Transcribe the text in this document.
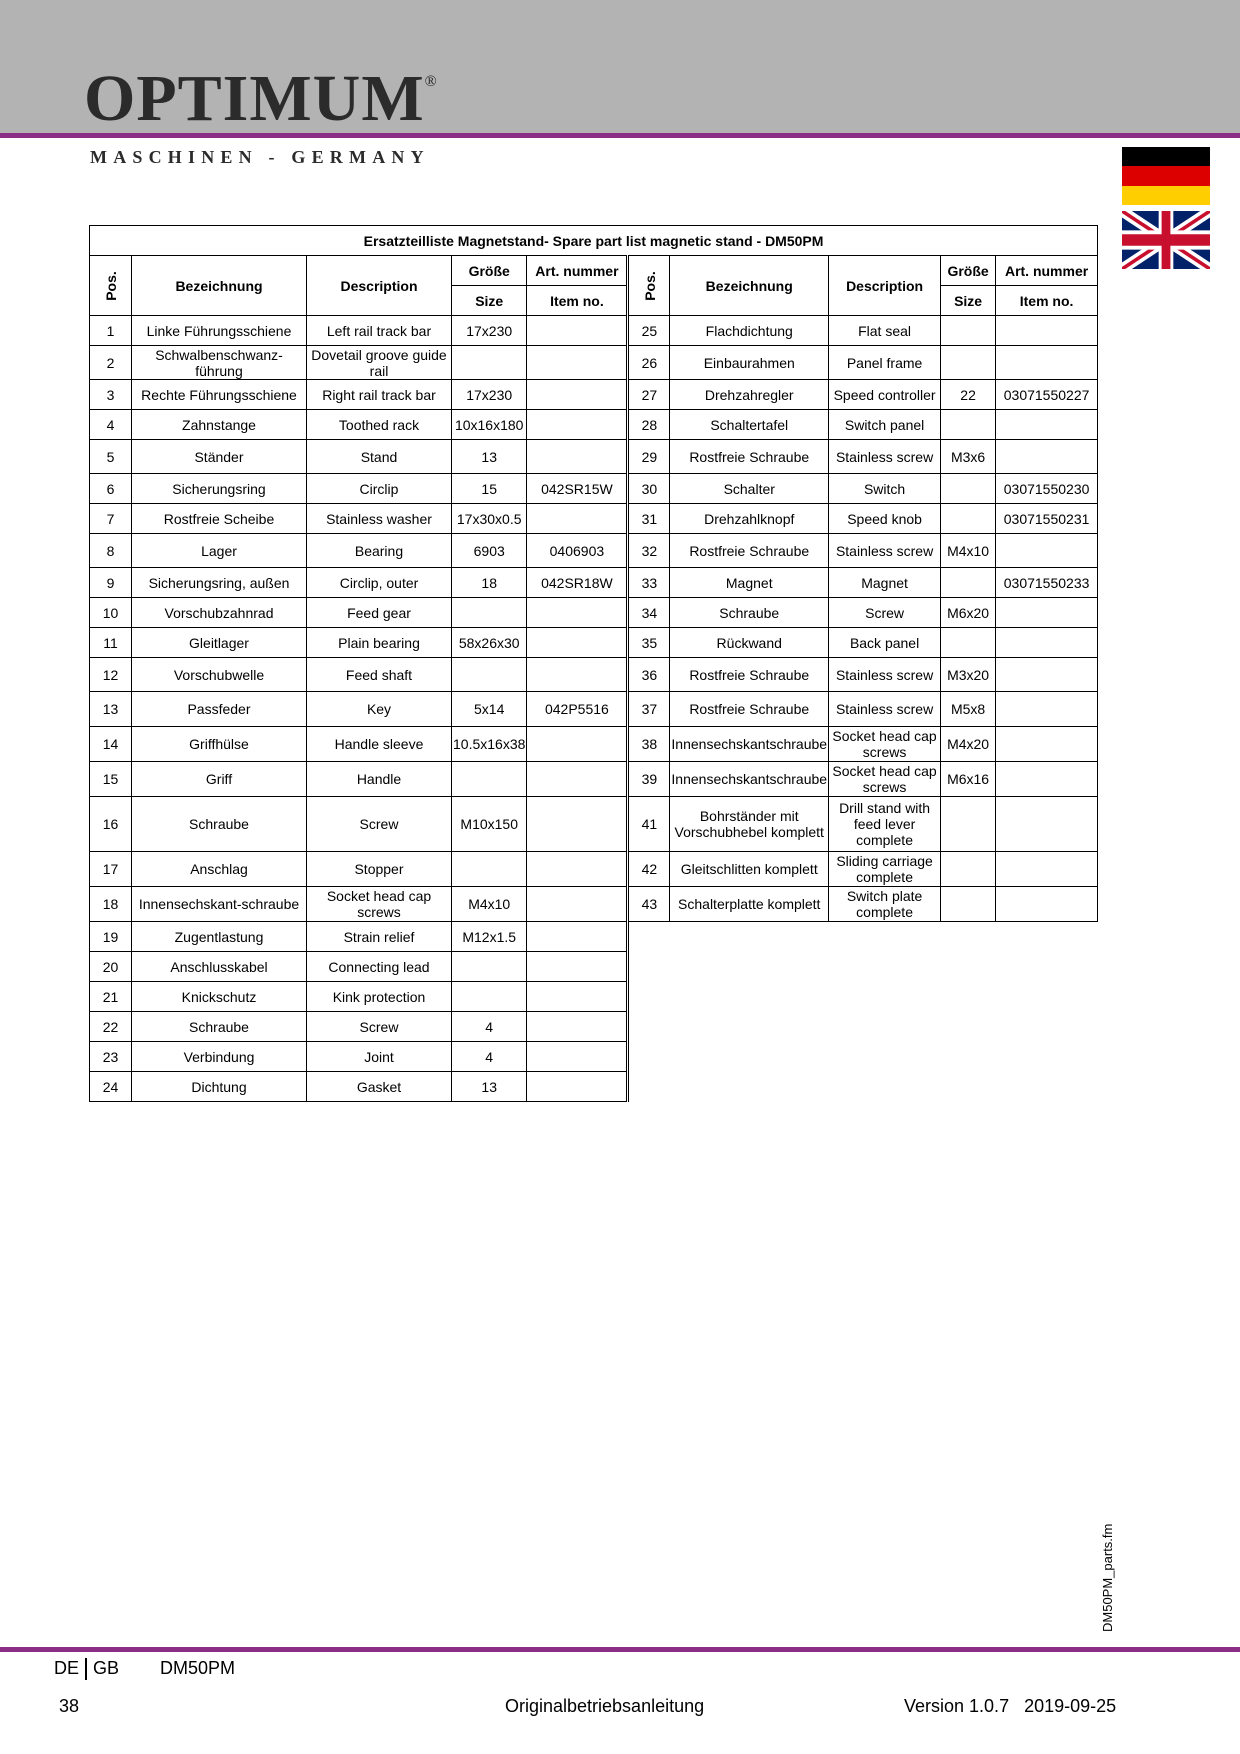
OPTIMUM®
MASCHINEN - GERMANY
Ersatzteilliste Magnetstand- Spare part list magnetic stand - DM50PM									
Pos.	Bezeichnung	Description	Größe	Art. nummer	Pos.	Bezeichnung	Description	Größe	Art. nummer
			Size	Item no.				Size	Item no.
1	Linke Führungsschiene	Left rail track bar	17x230		25	Flachdichtung	Flat seal		
2	Schwalbenschwanz-führung	Dovetail groove guide rail			26	Einbaurahmen	Panel frame		
3	Rechte Führungsschiene	Right rail track bar	17x230		27	Drehzahregler	Speed controller	22	03071550227
4	Zahnstange	Toothed rack	10x16x180		28	Schaltertafel	Switch panel		
5	Ständer	Stand	13		29	Rostfreie Schraube	Stainless screw	M3x6	
6	Sicherungsring	Circlip	15	042SR15W	30	Schalter	Switch		03071550230
7	Rostfreie Scheibe	Stainless washer	17x30x0.5		31	Drehzahlknopf	Speed knob		03071550231
8	Lager	Bearing	6903	0406903	32	Rostfreie Schraube	Stainless screw	M4x10	
9	Sicherungsring, außen	Circlip, outer	18	042SR18W	33	Magnet	Magnet		03071550233
10	Vorschubzahnrad	Feed gear			34	Schraube	Screw	M6x20	
11	Gleitlager	Plain bearing	58x26x30		35	Rückwand	Back panel		
12	Vorschubwelle	Feed shaft			36	Rostfreie Schraube	Stainless screw	M3x20	
13	Passfeder	Key	5x14	042P5516	37	Rostfreie Schraube	Stainless screw	M5x8	
14	Griffhülse	Handle sleeve	10.5x16x38		38	Innensechskantschraube	Socket head cap screws	M4x20	
15	Griff	Handle			39	Innensechskantschraube	Socket head cap screws	M6x16	
16	Schraube	Screw	M10x150		41	Bohrständer mit Vorschubhebel komplett	Drill stand with feed lever complete		
17	Anschlag	Stopper			42	Gleitschlitten komplett	Sliding carriage complete		
18	Innensechskant-schraube	Socket head cap screws	M4x10		43	Schalterplatte komplett	Switch plate complete		
19	Zugentlastung	Strain relief	M12x1.5						
20	Anschlusskabel	Connecting lead							
21	Knickschutz	Kink protection							
22	Schraube	Screw	4						
23	Verbindung	Joint	4						
24	Dichtung	Gasket	13						
DM50PM_parts.fm
DE GB DM50PM
38	Originalbetriebsanleitung	Version 1.0.7   2019-09-25
